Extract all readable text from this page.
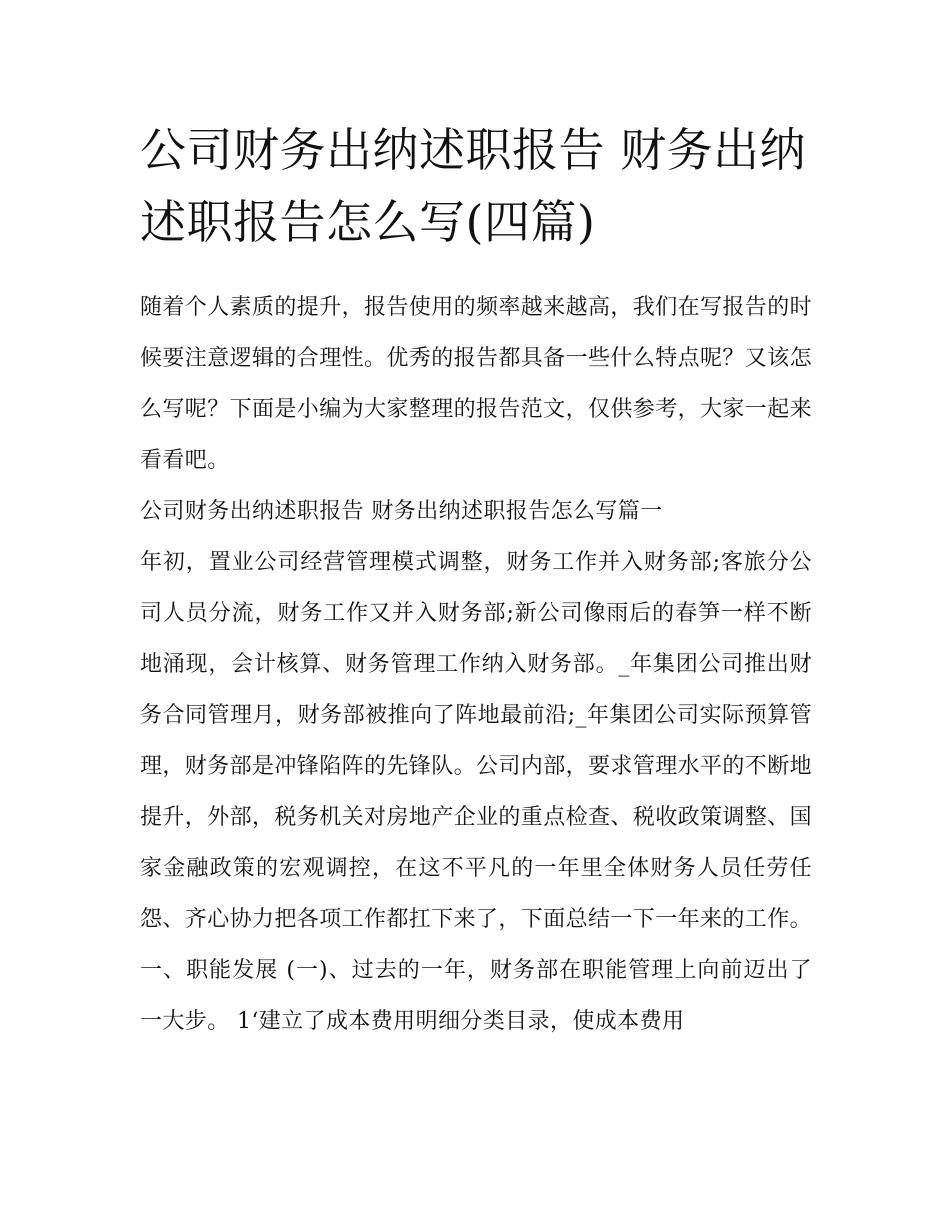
公司财务出纳述职报告 财务出纳述职报告怎么写(四篇)

随着个人素质的提升，报告使用的频率越来越高，我们在写报告的时候要注意逻辑的合理性。优秀的报告都具备一些什么特点呢？又该怎么写呢？下面是小编为大家整理的报告范文，仅供参考，大家一起来看看吧。

公司财务出纳述职报告 财务出纳述职报告怎么写篇一

年初，置业公司经营管理模式调整，财务工作并入财务部;客旅分公司人员分流，财务工作又并入财务部;新公司像雨后的春笋一样不断地涌现，会计核算、财务管理工作纳入财务部。_年集团公司推出财务合同管理月，财务部被推向了阵地最前沿;_年集团公司实际预算管理，财务部是冲锋陷阵的先锋队。公司内部，要求管理水平的不断地提升，外部，税务机关对房地产企业的重点检查、税收政策调整、国家金融政策的宏观调控，在这不平凡的一年里全体财务人员任劳任怨、齐心协力把各项工作都扛下来了，下面总结一下一年来的工作。

一、职能发展 (一)、过去的一年，财务部在职能管理上向前迈出了一大步。 1‘建立了成本费用明细分类目录，使成本费用
